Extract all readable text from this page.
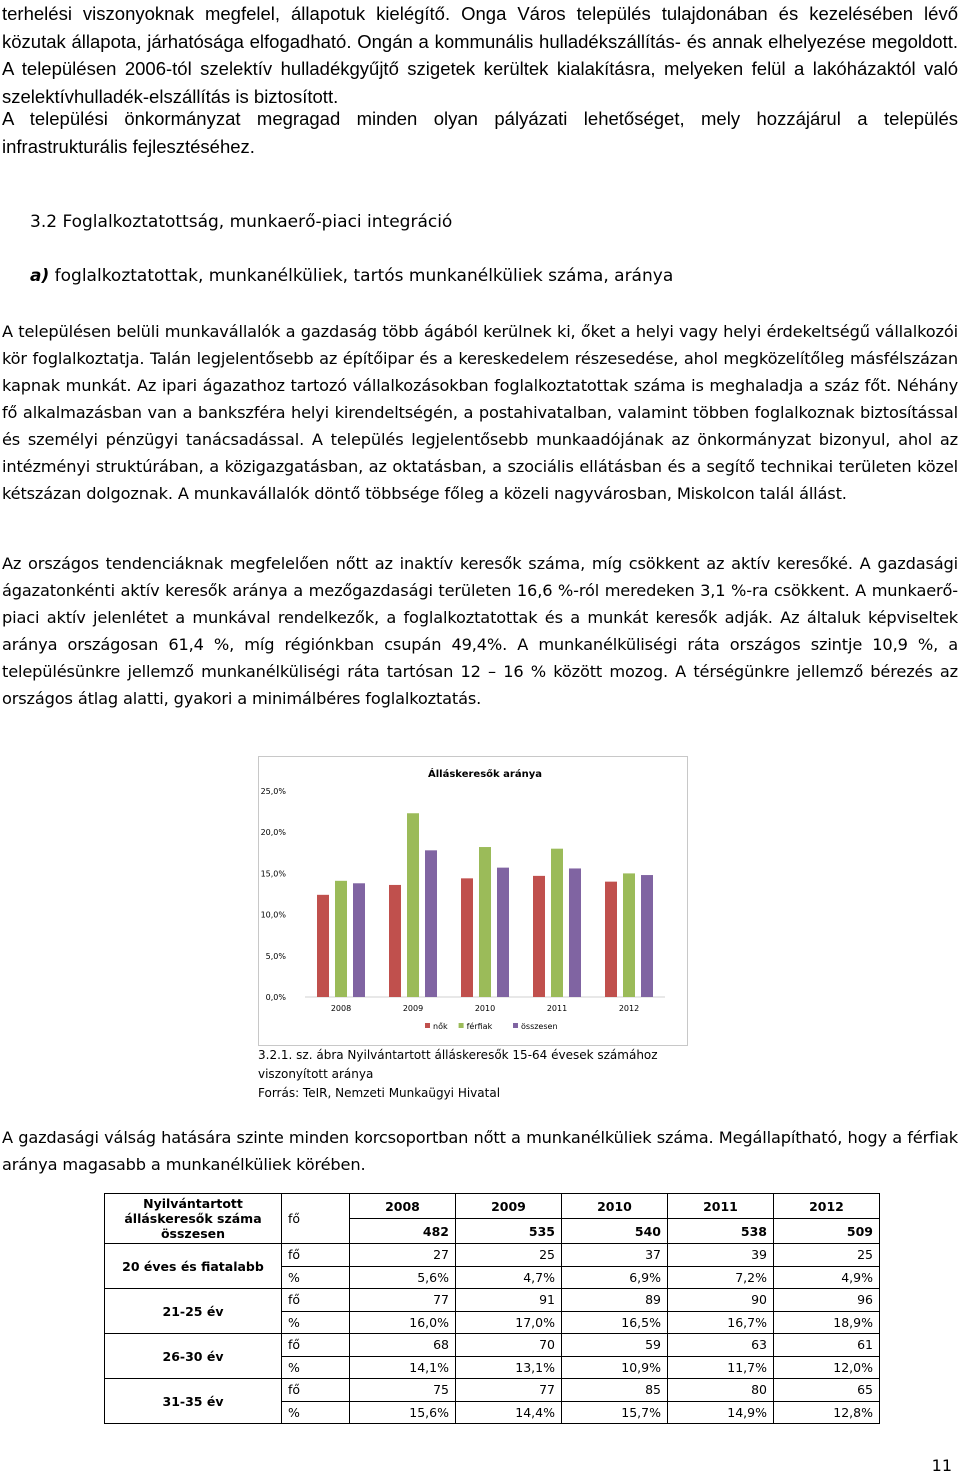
terhelési viszonyoknak megfelel, állapotuk kielégítő. Onga Város település tulajdonában és kezelésében lévő közutak állapota, járhatósága elfogadható. Ongán a kommunális hulladékszállítás- és annak elhelyezése megoldott. A településen 2006-tól szelektív hulladékgyűjtő szigetek kerültek kialakításra, melyeken felül a lakóházaktól való szelektívhulladék-elszállítás is biztosított.

A települési önkormányzat megragad minden olyan pályázati lehetőséget, mely hozzájárul a település infrastrukturális fejlesztéséhez.

3.2 Foglalkoztatottság, munkaerő-piaci integráció
a) foglalkoztatottak, munkanélküliek, tartós munkanélküliek száma, aránya

A településen belüli munkavállalók a gazdaság több ágából kerülnek ki, őket a helyi vagy helyi érdekeltségű vállalkozói kör foglalkoztatja. Talán legjelentősebb az építőipar és a kereskedelem részesedése, ahol megközelítőleg másfélszázan kapnak munkát. Az ipari ágazathoz tartozó vállalkozásokban foglalkoztatottak száma is meghaladja a száz főt. Néhány fő alkalmazásban van a bankszféra helyi kirendeltségén, a postahivatalban, valamint többen foglalkoznak biztosítással és személyi pénzügyi tanácsadással. A település legjelentősebb munkaadójának az önkormányzat bizonyul, ahol az intézményi struktúrában, a közigazgatásban, az oktatásban, a szociális ellátásban és a segítő technikai területen közel kétszázan dolgoznak. A munkavállalók döntő többsége főleg a közeli nagyvárosban, Miskolcon talál állást.

Az országos tendenciáknak megfelelően nőtt az inaktív keresők száma, míg csökkent az aktív keresőké. A gazdasági ágazatonkénti aktív keresők aránya a mezőgazdasági területen 16,6 %-ról meredeken 3,1 %-ra csökkent. A munkaerő-piaci aktív jelenlétet a munkával rendelkezők, a foglalkoztatottak és a munkát keresők adják. Az általuk képviseltek aránya országosan 61,4 %, míg régiónkban csupán 49,4%. A munkanélküliségi ráta országos szintje 10,9 %, a településünkre jellemző munkanélküliségi ráta tartósan 12 – 16 % között mozog. A térségünkre jellemző bérezés az országos átlag alatti, gyakori a minimálbéres foglalkoztatás.

Álláskeresők aránya
0,0%
5,0%
10,0%
15,0%
20,0%
25,0%
2008	2009	2010	2011	2012
nők férfiak	összesen
3.2.1. sz. ábra Nyilvántartott álláskeresők 15-64 évesek számához
viszonyított aránya
Forrás: TeIR, Nemzeti Munkaügyi Hivatal

A gazdasági válság hatására szinte minden korcsoportban nőtt a munkanélküliek száma. Megállapítható, hogy a férfiak aránya magasabb a munkanélküliek körében.

Nyilvántartott álláskeresők száma összesen	fő	2008	2009	2010	2011	2012
		482	535	540	538	509
20 éves és fiatalabb	fő	27	25	37	39	25
	%	5,6%	4,7%	6,9%	7,2%	4,9%
21-25 év	fő	77	91	89	90	96
	%	16,0%	17,0%	16,5%	16,7%	18,9%
26-30 év	fő	68	70	59	63	61
	%	14,1%	13,1%	10,9%	11,7%	12,0%
31-35 év	fő	75	77	85	80	65
	%	15,6%	14,4%	15,7%	14,9%	12,8%
11
